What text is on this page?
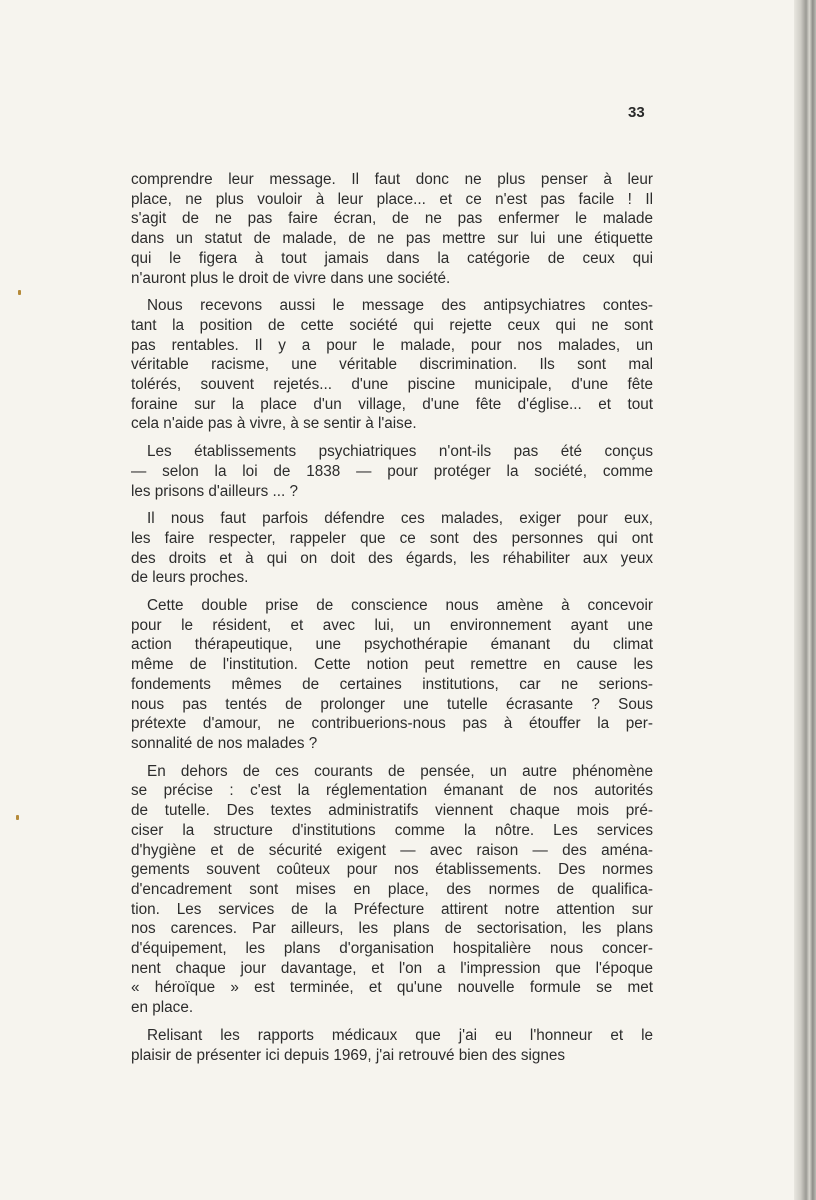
33
comprendre leur message. Il faut donc ne plus penser à leur
place, ne plus vouloir à leur place... et ce n'est pas facile ! Il
s'agit de ne pas faire écran, de ne pas enfermer le malade
dans un statut de malade, de ne pas mettre sur lui une étiquette
qui le figera à tout jamais dans la catégorie de ceux qui
n'auront plus le droit de vivre dans une société.
Nous recevons aussi le message des antipsychiatres contes-
tant la position de cette société qui rejette ceux qui ne sont
pas rentables. Il y a pour le malade, pour nos malades, un
véritable racisme, une véritable discrimination. Ils sont mal
tolérés, souvent rejetés... d'une piscine municipale, d'une fête
foraine sur la place d'un village, d'une fête d'église... et tout
cela n'aide pas à vivre, à se sentir à l'aise.
Les établissements psychiatriques n'ont-ils pas été conçus
— selon la loi de 1838 — pour protéger la société, comme
les prisons d'ailleurs ... ?
Il nous faut parfois défendre ces malades, exiger pour eux,
les faire respecter, rappeler que ce sont des personnes qui ont
des droits et à qui on doit des égards, les réhabiliter aux yeux
de leurs proches.
Cette double prise de conscience nous amène à concevoir
pour le résident, et avec lui, un environnement ayant une
action thérapeutique, une psychothérapie émanant du climat
même de l'institution. Cette notion peut remettre en cause les
fondements mêmes de certaines institutions, car ne serions-
nous pas tentés de prolonger une tutelle écrasante ? Sous
prétexte d'amour, ne contribuerions-nous pas à étouffer la per-
sonnalité de nos malades ?
En dehors de ces courants de pensée, un autre phénomène
se précise : c'est la réglementation émanant de nos autorités
de tutelle. Des textes administratifs viennent chaque mois pré-
ciser la structure d'institutions comme la nôtre. Les services
d'hygiène et de sécurité exigent — avec raison — des aména-
gements souvent coûteux pour nos établissements. Des normes
d'encadrement sont mises en place, des normes de qualifica-
tion. Les services de la Préfecture attirent notre attention sur
nos carences. Par ailleurs, les plans de sectorisation, les plans
d'équipement, les plans d'organisation hospitalière nous concer-
nent chaque jour davantage, et l'on a l'impression que l'époque
« héroïque » est terminée, et qu'une nouvelle formule se met
en place.
Relisant les rapports médicaux que j'ai eu l'honneur et le
plaisir de présenter ici depuis 1969, j'ai retrouvé bien des signes
